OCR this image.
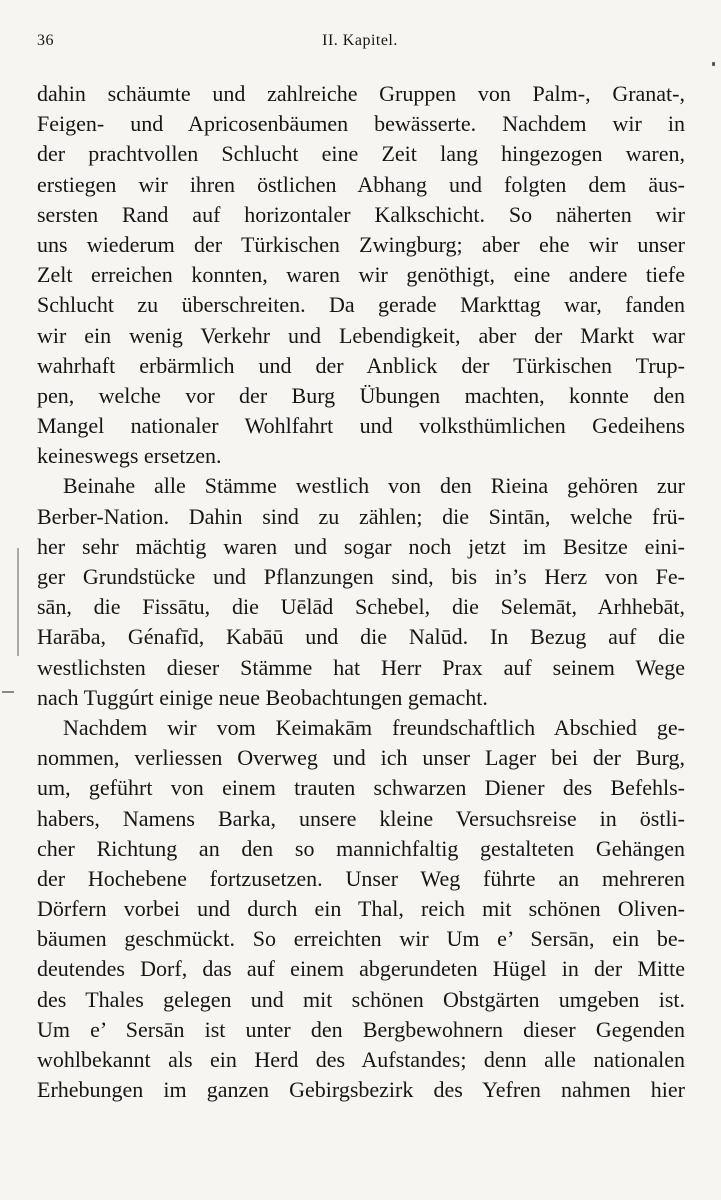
36	II. Kapitel.
dahin schäumte und zahlreiche Gruppen von Palm-, Granat-,
Feigen- und Apricosenbäumen bewässerte. Nachdem wir in
der prachtvollen Schlucht eine Zeit lang hingezogen waren,
erstiegen wir ihren östlichen Abhang und folgten dem äus-
sersten Rand auf horizontaler Kalkschicht. So näherten wir
uns wiederum der Türkischen Zwingburg; aber ehe wir unser
Zelt erreichen konnten, waren wir genöthigt, eine andere tiefe
Schlucht zu überschreiten. Da gerade Markttag war, fanden
wir ein wenig Verkehr und Lebendigkeit, aber der Markt war
wahrhaft erbärmlich und der Anblick der Türkischen Trup-
pen, welche vor der Burg Übungen machten, konnte den
Mangel nationaler Wohlfahrt und volksthümlichen Gedeihens
keineswegs ersetzen.
Beinahe alle Stämme westlich von den Rieina gehören zur
Berber-Nation. Dahin sind zu zählen; die Sintān, welche frü-
her sehr mächtig waren und sogar noch jetzt im Besitze eini-
ger Grundstücke und Pflanzungen sind, bis in’s Herz von Fe-
sān, die Fissātu, die Uēlād Schebel, die Selemāt, Arhhebāt,
Harāba, Génafīd, Kabāū und die Nalūd. In Bezug auf die
westlichsten dieser Stämme hat Herr Prax auf seinem Wege
nach Tuggúrt einige neue Beobachtungen gemacht.
Nachdem wir vom Keimakām freundschaftlich Abschied ge-
nommen, verliessen Overweg und ich unser Lager bei der Burg,
um, geführt von einem trauten schwarzen Diener des Befehls-
habers, Namens Barka, unsere kleine Versuchsreise in östli-
cher Richtung an den so mannichfaltig gestalteten Gehängen
der Hochebene fortzusetzen. Unser Weg führte an mehreren
Dörfern vorbei und durch ein Thal, reich mit schönen Oliven-
bäumen geschmückt. So erreichten wir Um e’ Sersān, ein be-
deutendes Dorf, das auf einem abgerundeten Hügel in der Mitte
des Thales gelegen und mit schönen Obstgärten umgeben ist.
Um e’ Sersān ist unter den Bergbewohnern dieser Gegenden
wohlbekannt als ein Herd des Aufstandes; denn alle nationalen
Erhebungen im ganzen Gebirgsbezirk des Yefren nahmen hier
